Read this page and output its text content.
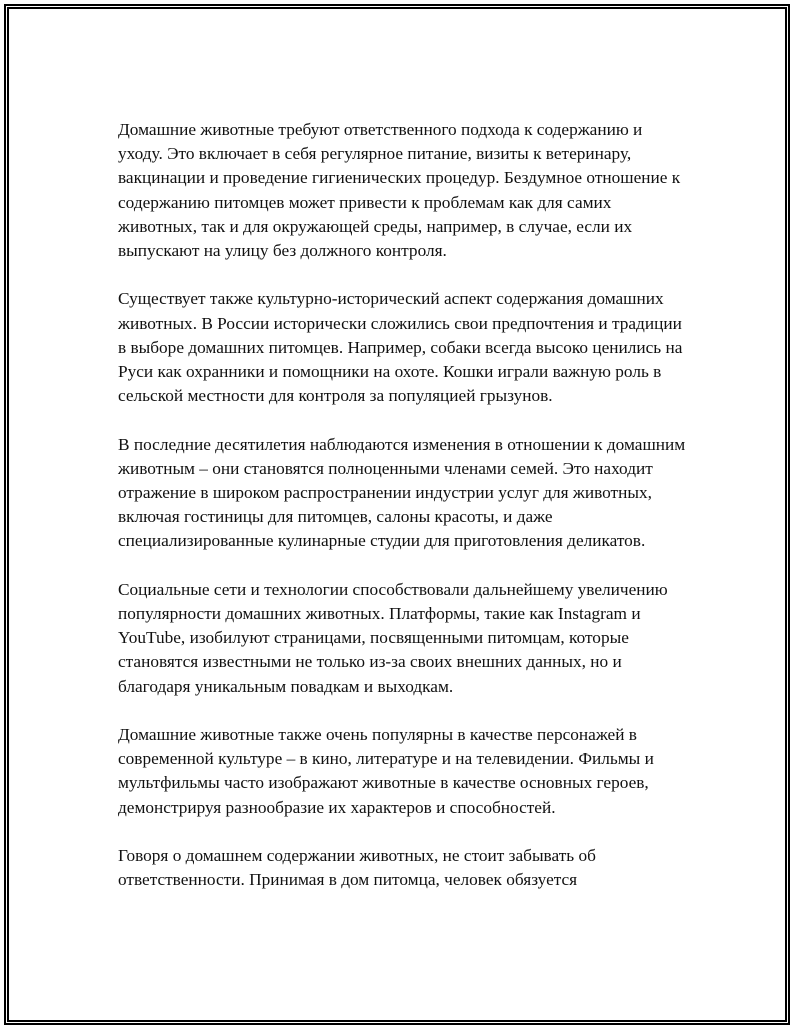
Домашние животные требуют ответственного подхода к содержанию и уходу. Это включает в себя регулярное питание, визиты к ветеринару, вакцинации и проведение гигиенических процедур. Бездумное отношение к содержанию питомцев может привести к проблемам как для самих животных, так и для окружающей среды, например, в случае, если их выпускают на улицу без должного контроля.

Существует также культурно-исторический аспект содержания домашних животных. В России исторически сложились свои предпочтения и традиции в выборе домашних питомцев. Например, собаки всегда высоко ценились на Руси как охранники и помощники на охоте. Кошки играли важную роль в сельской местности для контроля за популяцией грызунов.

В последние десятилетия наблюдаются изменения в отношении к домашним животным – они становятся полноценными членами семей. Это находит отражение в широком распространении индустрии услуг для животных, включая гостиницы для питомцев, салоны красоты, и даже специализированные кулинарные студии для приготовления деликатов.

Социальные сети и технологии способствовали дальнейшему увеличению популярности домашних животных. Платформы, такие как Instagram и YouTube, изобилуют страницами, посвященными питомцам, которые становятся известными не только из-за своих внешних данных, но и благодаря уникальным повадкам и выходкам.

Домашние животные также очень популярны в качестве персонажей в современной культуре – в кино, литературе и на телевидении. Фильмы и мультфильмы часто изображают животные в качестве основных героев, демонстрируя разнообразие их характеров и способностей.

Говоря о домашнем содержании животных, не стоит забывать об ответственности. Принимая в дом питомца, человек обязуется
